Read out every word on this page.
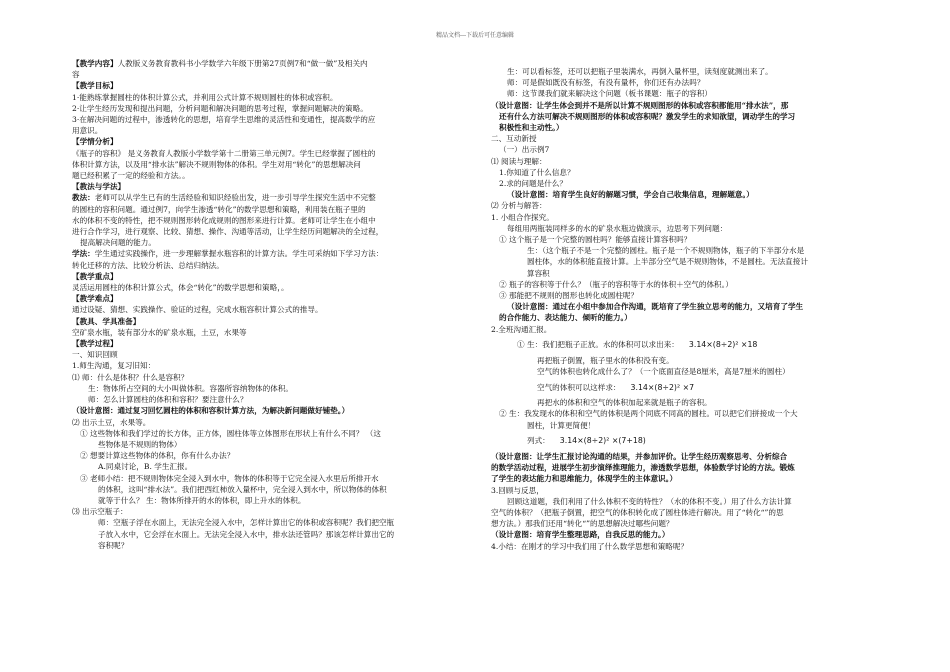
精品文档---下载后可任意编辑
【教学内容】人教版义务教育教科书小学数学六年级下册第27页例7和“做一做”及相关内
容
【教学目标】
1·能熟练掌握圆柱的体积计算公式，并利用公式计算不规则圆柱的体积或容积。
2·让学生经历发现和提出问题，分析问题和解决问题的思考过程，掌握问题解决的策略。
3·在解决问题的过程中，渗透转化的思想，培育学生思维的灵活性和变通性，提高数学的应
用意识。
【学情分析】
《瓶子的容积》 是义务教育人教版小学数学第十二册第三单元例7。学生已经掌握了圆柱的
体积计算方法，以及用“排水法”解决不规则物体的体积。学生对用“转化”的思想解决问
题已经积累了一定的经验和方法。。
【教法与学法】
教法：老师可以从学生已有的生活经验和知识经验出发，进一步引导学生探究生活中不完整
的圆柱的容积问题。通过例7，向学生渗透“转化”的数学思想和策略，利用装在瓶子里的
水的体积不变的特性，把不规则图形转化成规则的图形来进行计算。老师可让学生在小组中
进行合作学习，进行观察、比较、猜想、操作、沟通等活动，让学生经历问题解决的全过程，
提高解决问题的能力。
学法：学生通过实践操作，进一步理解掌握水瓶容积的计算方法。学生可采纳如下学习方法：
转化迁移的方法、比较分析法、总结归纳法。
【教学重点】
灵活运用圆柱的体积计算公式，体会“转化”的数学思想和策略，。
【教学难点】
通过设疑、猜想、实践操作、验证的过程，完成水瓶容积计算公式的推导。
【教具、学具准备】
空矿泉水瓶，装有部分水的矿泉水瓶，土豆，水果等
【教学过程】
一、知识回顾
1.师生沟通，复习旧知：
⑴ 师：什么是体积？什么是容积？
生：物体所占空间的大小叫做体积。容器所容纳物体的体积。
师：怎么计算圆柱的体积和容积？要注意什么？
（设计意图：通过复习回忆圆柱的体积和容积计算方法，为解决新问题做好铺垫。）
⑵ 出示土豆，水果等。
① 这些物体和我们学过的长方体，正方体，圆柱体等立体图形在形状上有什么不同？ （这
些物体是不规则的物体）
② 想要计算这些物体的体积，你有什么办法？
A.同桌讨论，B. 学生汇报。
③ 老师小结：把不规则物体完全浸入到水中，物体的体积等于它完全浸入水里后所排开水
的体积，这叫“排水法”。我们把西红柿放入量杯中，完全浸入到水中，所以物体的体积
就等于什么？ 生：物体所排开的水的体积，即上升水的体积。
⑶ 出示空瓶子：
师：空瓶子浮在水面上，无法完全浸入水中，怎样计算出它的体积或容积呢？我们把空瓶
子放入水中，它会浮在水面上。无法完全浸入水中，排水法还管吗？那该怎样计算出它的
容积呢？
生：可以看标签，还可以把瓶子里装满水，再倒入量杯里，读刻度就测出来了。
师：可是假如既没有标签，有没有量杯，你们还有办法吗？
师：这节课我们就来解决这个问题（板书课题：瓶子的容积）
（设计意图：让学生体会到并不是所以计算不规则图形的体积或容积都能用“排水法”，那
还有什么方法可解决不规则图形的体积或容积呢？激发学生的求知欲望，调动学生的学习
积极性和主动性。）
二、互动新授
（一）出示例7
⑴ 阅读与理解：
1.你知道了什么信息？
2.求的问题是什么？
（设计意图：培育学生良好的解题习惯，学会自己收集信息，理解题意。）
⑵ 分析与解答：
1. 小组合作探究。
每组用两瓶装同样多的水的矿泉水瓶边做演示，边思考下列问题：
① 这个瓶子是一个完整的圆柱吗？能够直接计算容积吗？
生：（这个瓶子不是一个完整的圆柱。瓶子是一个不规则物体，瓶子的下半部分水是
圆柱体，水的体积能直接计算。上半部分空气是不规则物体，不是圆柱。无法直接计
算容积
② 瓶子的容积等于什么？（瓶子的容积等于水的体积＋空气的体积。）
③ 那能把不规则的图形也转化成圆柱呢？
（设计意图：通过在小组中参加合作沟通，既培育了学生独立思考的能力，又培育了学生
的合作能力、表达能力、倾听的能力。）
2.全班沟通汇报。
① 生：我们把瓶子正放。水的体积可以求出来： 3.14×(8÷2)² ×18
再把瓶子倒置，瓶子里水的体积没有变。
空气的体积也转化成什么了？（一个底面直径是8厘米，高是7厘米的圆柱）
空气的体积可以这样求： 3.14×(8÷2)² ×7
再把水的体积和空气的体积加起来就是瓶子的容积。
② 生：我发现水的体积和空气的体积是两个同底不同高的圆柱。可以把它们拼接成一个大
圆柱，计算更简便！
列式： 3.14×(8÷2)² ×(7+18)
（设计意图：让学生汇报讨论沟通的结果，并参加评价。让学生经历观察思考、分析综合
的数学活动过程，进展学生初步演绎推理能力，渗透数学思想，体验数学讨论的方法。锻炼
了学生的表达能力和思维能力，体现学生的主体意识。）
3.回顾与反思，
回顾这道题，我们利用了什么体积不变的特性？（水的体积不变。）用了什么方法计算
空气的体积？（把瓶子倒置，把空气的体积转化成了圆柱体进行解决。用了“转化“”的思
想方法。）那我们还用“转化“”的思想解决过哪些问题？
（设计意图：培育学生整理思路，自我反思的能力。）
4.小结：在刚才的学习中我们用了什么数学思想和策略呢？
